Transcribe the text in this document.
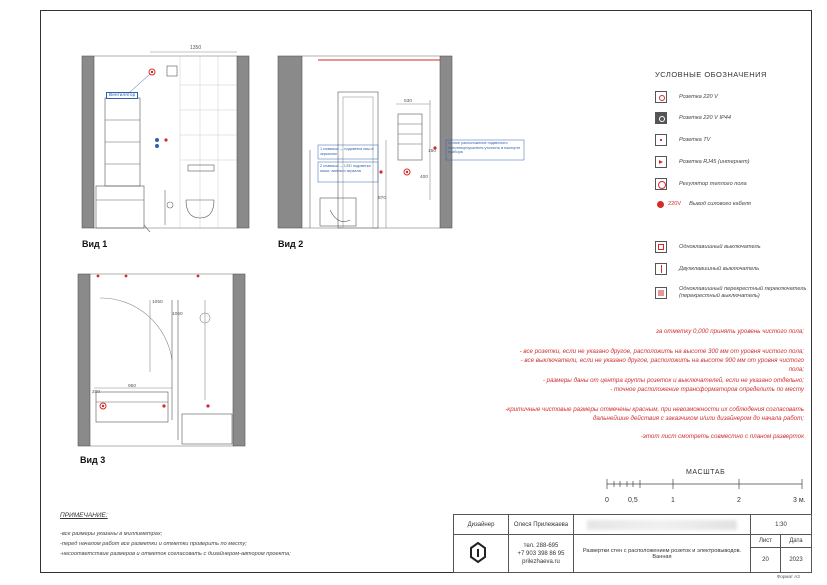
1350
Вентилятор
Вид 1
530
150
400
870
точное расположение подвесного полотенцесушителя уточнить в паспорте прибора
1 клавиша — подсветка ниш в зеркалом
2 клавиша — LED подсветка ниши, ванны и зеркала
Вид 2
1050
1050
950
200
Вид 3
УСЛОВНЫЕ ОБОЗНАЧЕНИЯ
Розетка 220 V
Розетка 220 V IP44
Розетка TV
Розетка RJ45 (интернет)
Регулятор теплого пола
220V Вывод силового кабеля
Одноклавишный выключатель
Двухклавишный выключатель
Одноклавишный перекрестный переключатель (перекрестный выключатель)
за отметку 0,000 принять уровень чистого пола;
- все розетки, если не указано другое, расположить на высоте 300 мм от уровня чистого пола;
- все выключатели, если не указано другое, расположить на высоте 900 мм от уровня чистого
пола;
- размеры даны от центра группы розеток и выключателей, если не указано отдельно;
- точное расположение трансформаторов определить по месту
-критичные чистовые размеры отмечены красным, при невозможности их соблюдения согласовать
дальнейшие действия с заказчиком и/или дизайнером до начала работ;
-этот лист смотреть совместно с планом разверток
МАСШТАБ
0	0,5	1	2	3 м.
ПРИМЕЧАНИЕ:
-все размеры указаны в миллиметрах;
-перед началом работ все разметки и отметки проверить по месту;
-несоответствие размеров и отметок согласовать с дизайнером-автором проекта;
Дизайнер	Олеся Прилежаева	1:30
тел. 288-695
+7 903 398 86 95
prilezhaeva.ru
Развертки стен с расположением розеток и электровыводов. Ванная
Лист	Дата
20	2023
Формат А3
